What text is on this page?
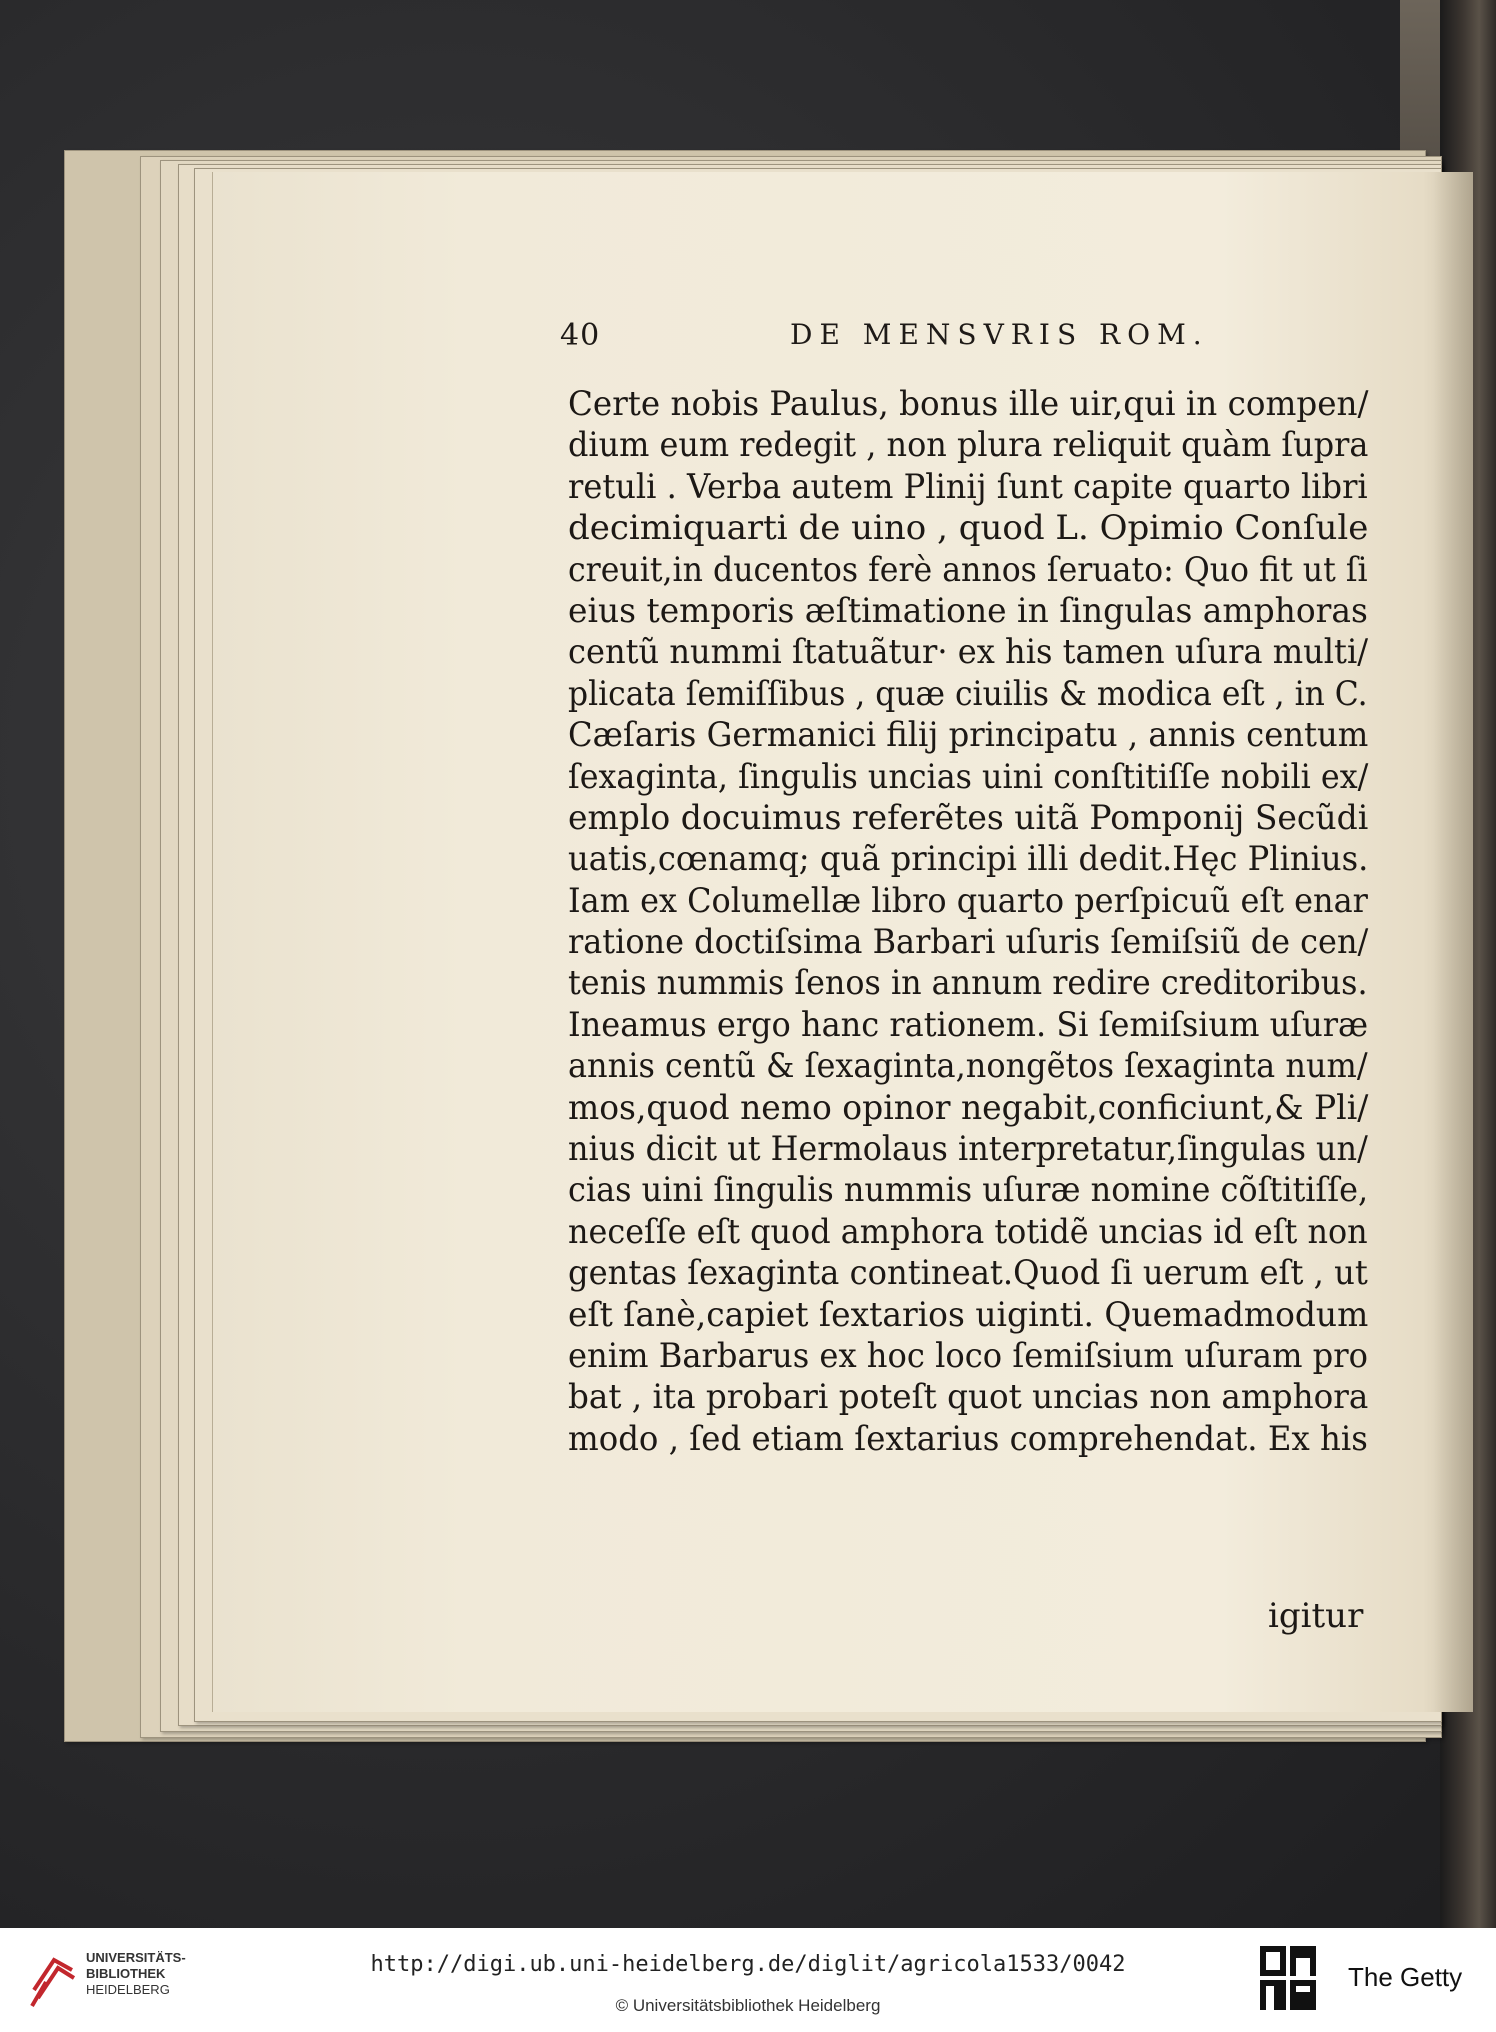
40	DE MENSVRIS ROM.
Certe nobis Paulus, bonus ille uir,qui in compen/
dium eum redegit , non plura reliquit quàm ſupra
retuli . Verba autem Plinij ſunt capite quarto libri
decimiquarti de uino , quod L. Opimio Conſule
creuit,in ducentos ferè annos ſeruato: Quo fit ut ſi
eius temporis æſtimatione in ſingulas amphoras
centũ nummi ſtatuãtur· ex his tamen uſura multi/
plicata ſemiſſibus , quæ ciuilis & modica eſt , in C.
Cæſaris Germanici filij principatu , annis centum
ſexaginta, ſingulis uncias uini conſtitiſſe nobili ex/
emplo docuimus referẽtes uitã Pomponij Secũdi
uatis,cœnamq; quã principi illi dedit.Hęc Plinius.
Iam ex Columellæ libro quarto perſpicuũ eſt enar
ratione doctiſsima Barbari uſuris ſemiſsiũ de cen/
tenis nummis ſenos in annum redire creditoribus.
Ineamus ergo hanc rationem. Si ſemiſsium uſuræ
annis centũ & ſexaginta,nongẽtos ſexaginta num/
mos,quod nemo opinor negabit,conficiunt,& Pli/
nius dicit ut Hermolaus interpretatur,ſingulas un/
cias uini ſingulis nummis uſuræ nomine cõſtitiſſe,
neceſſe eſt quod amphora totidẽ uncias id eſt non
gentas ſexaginta contineat.Quod ſi uerum eſt , ut
eſt ſanè,capiet ſextarios uiginti. Quemadmodum
enim Barbarus ex hoc loco ſemiſsium uſuram pro
bat , ita probari poteſt quot uncias non amphora
modo , ſed etiam ſextarius comprehendat. Ex his
igitur
UNIVERSITÄTS-
BIBLIOTHEK
HEIDELBERG
http://digi.ub.uni-heidelberg.de/diglit/agricola1533/0042
© Universitätsbibliothek Heidelberg
The Getty
